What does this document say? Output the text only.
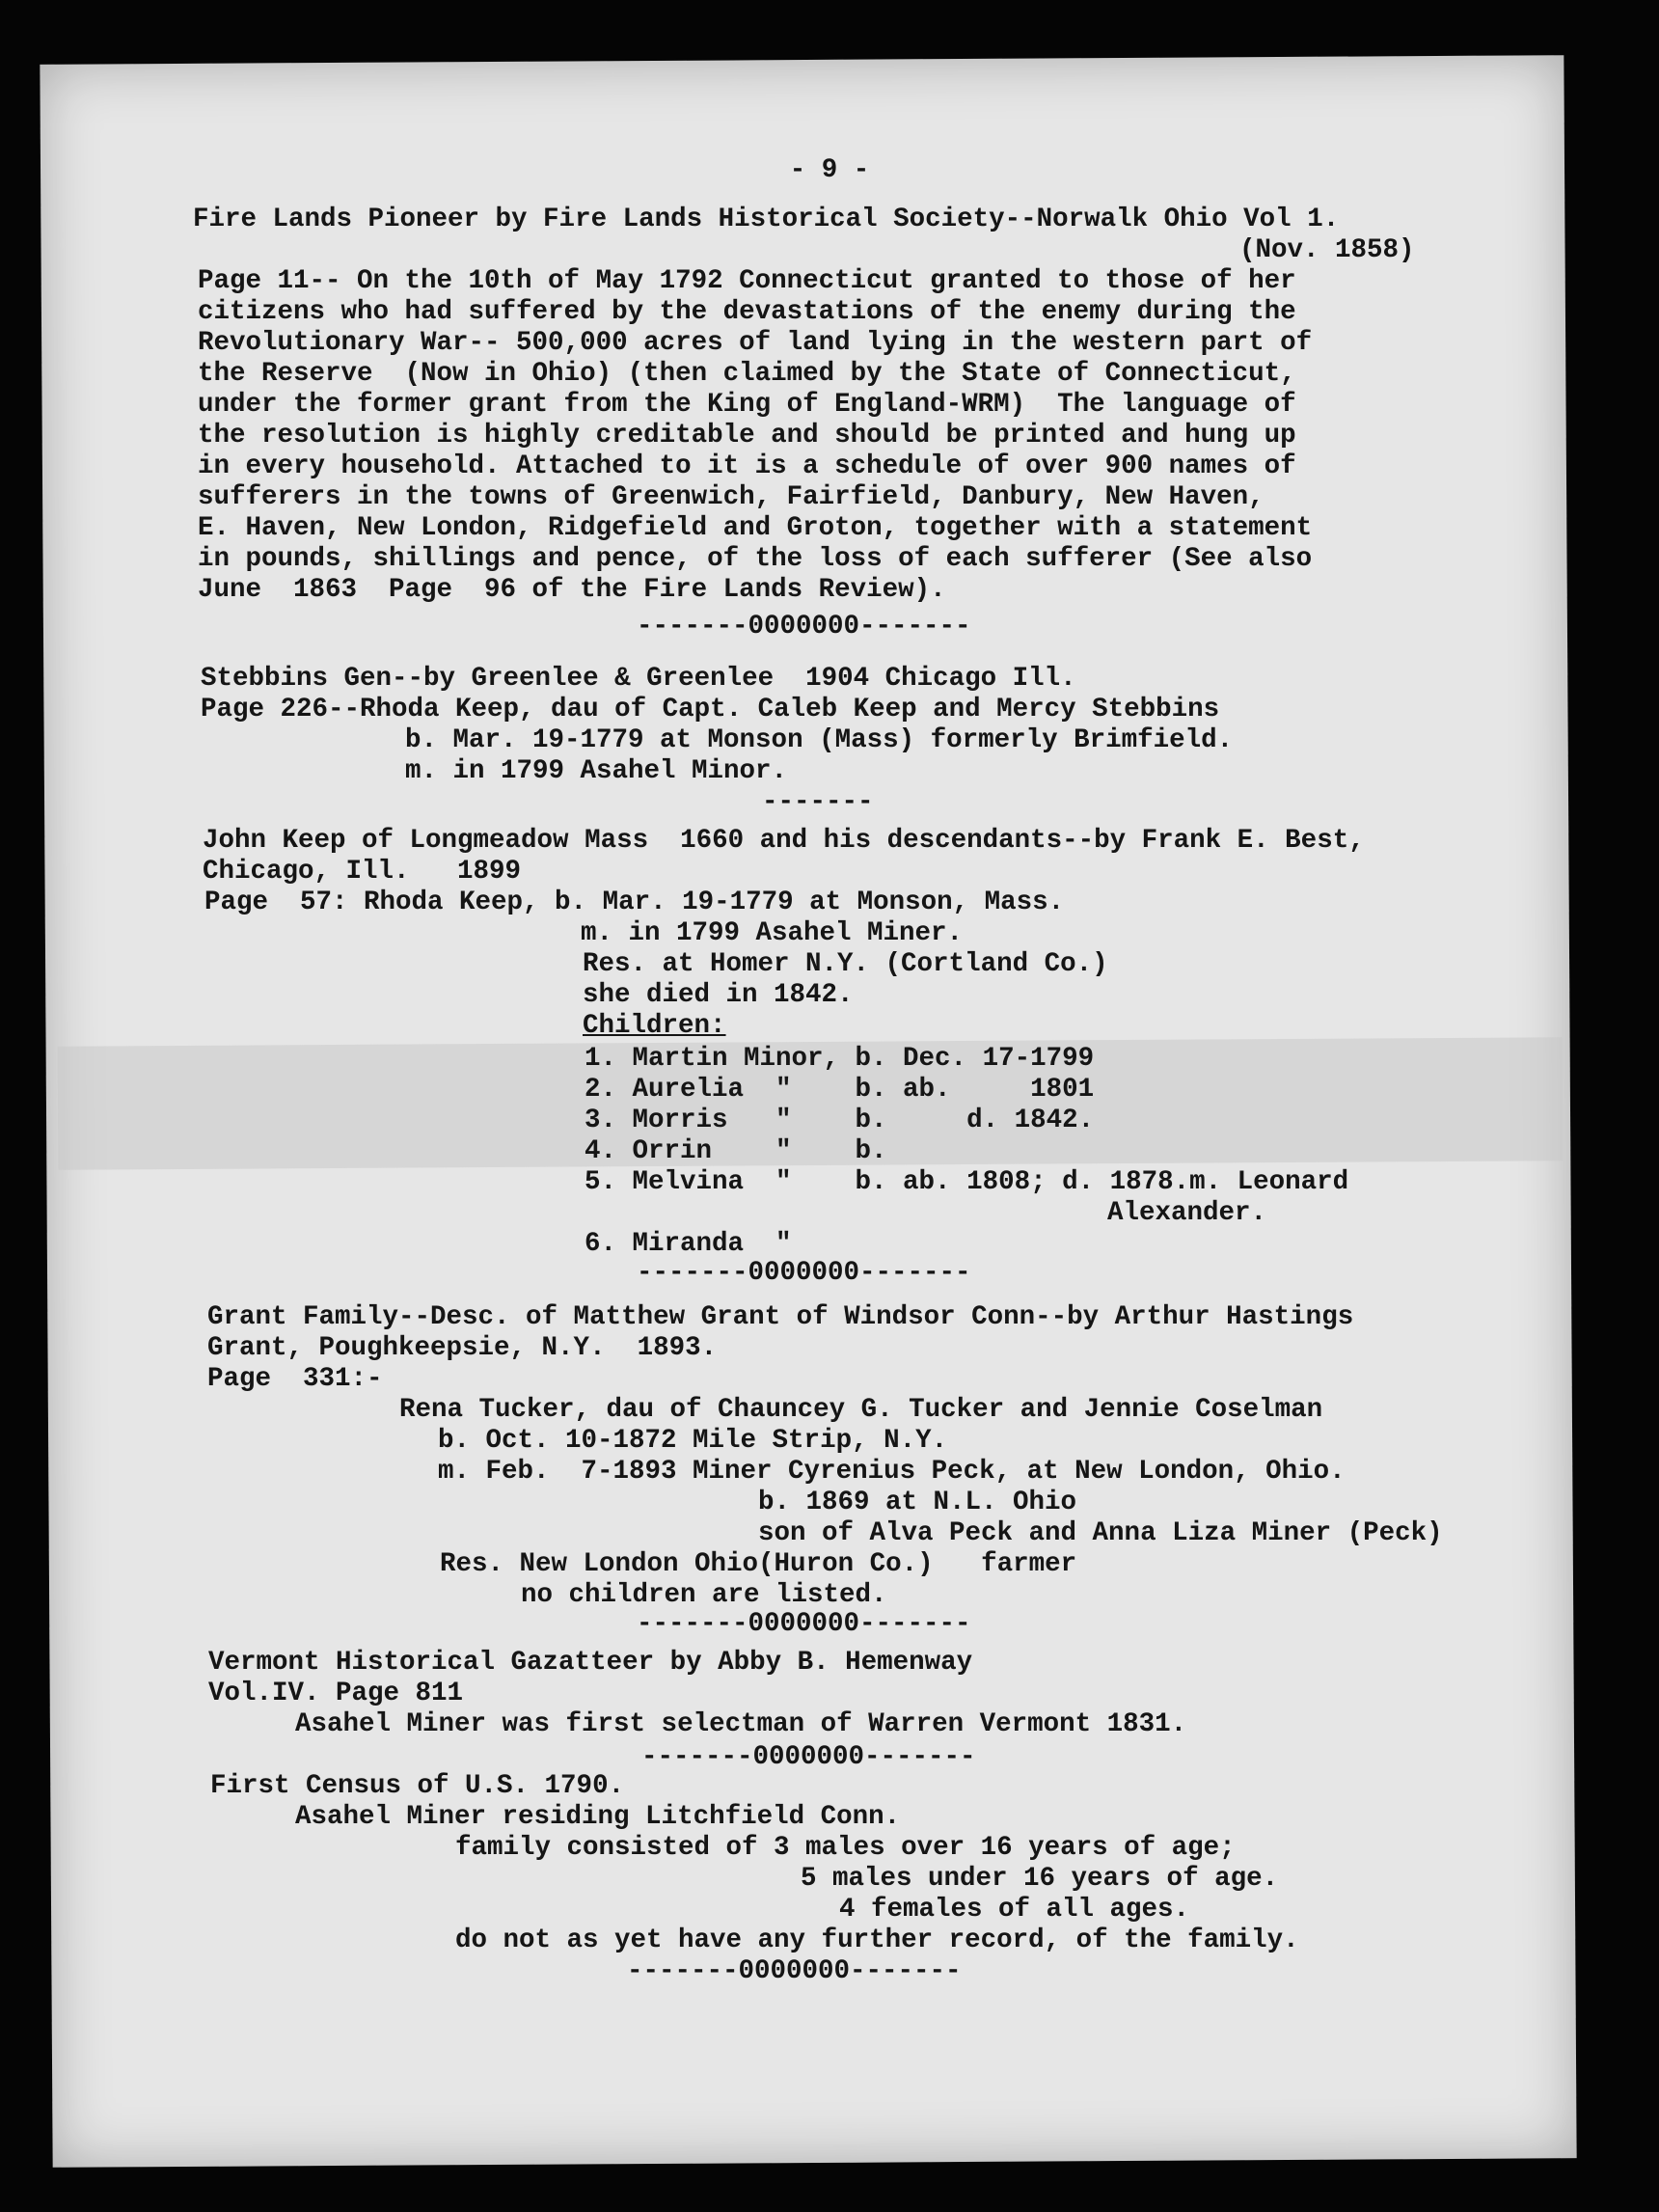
- 9 -
Fire Lands Pioneer by Fire Lands Historical Society--Norwalk Ohio Vol 1.
(Nov. 1858)
Page 11-- On the 10th of May 1792 Connecticut granted to those of her
citizens who had suffered by the devastations of the enemy during the
Revolutionary War-- 500,000 acres of land lying in the western part of
the Reserve  (Now in Ohio) (then claimed by the State of Connecticut,
under the former grant from the King of England-WRM)  The language of
the resolution is highly creditable and should be printed and hung up
in every household. Attached to it is a schedule of over 900 names of
sufferers in the towns of Greenwich, Fairfield, Danbury, New Haven,
E. Haven, New London, Ridgefield and Groton, together with a statement
in pounds, shillings and pence, of the loss of each sufferer (See also
June  1863  Page  96 of the Fire Lands Review).
-------0000000-------
Stebbins Gen--by Greenlee & Greenlee  1904 Chicago Ill.
Page 226--Rhoda Keep, dau of Capt. Caleb Keep and Mercy Stebbins
b. Mar. 19-1779 at Monson (Mass) formerly Brimfield.
m. in 1799 Asahel Minor.
-------
John Keep of Longmeadow Mass  1660 and his descendants--by Frank E. Best,
Chicago, Ill.   1899
Page  57: Rhoda Keep, b. Mar. 19-1779 at Monson, Mass.
m. in 1799 Asahel Miner.
Res. at Homer N.Y. (Cortland Co.)
she died in 1842.
Children:
1. Martin Minor, b. Dec. 17-1799
2. Aurelia  "    b. ab.     1801
3. Morris   "    b.     d. 1842.
4. Orrin    "    b.
5. Melvina  "    b. ab. 1808; d. 1878.m. Leonard
Alexander.
6. Miranda  "
-------0000000-------
Grant Family--Desc. of Matthew Grant of Windsor Conn--by Arthur Hastings
Grant, Poughkeepsie, N.Y.  1893.
Page  331:-
Rena Tucker, dau of Chauncey G. Tucker and Jennie Coselman
b. Oct. 10-1872 Mile Strip, N.Y.
m. Feb.  7-1893 Miner Cyrenius Peck, at New London, Ohio.
b. 1869 at N.L. Ohio
son of Alva Peck and Anna Liza Miner (Peck)
Res. New London Ohio(Huron Co.)   farmer
no children are listed.
-------0000000-------
Vermont Historical Gazatteer by Abby B. Hemenway
Vol.IV. Page 811
Asahel Miner was first selectman of Warren Vermont 1831.
-------0000000-------
First Census of U.S. 1790.
Asahel Miner residing Litchfield Conn.
family consisted of 3 males over 16 years of age;
5 males under 16 years of age.
4 females of all ages.
do not as yet have any further record, of the family.
-------0000000-------
